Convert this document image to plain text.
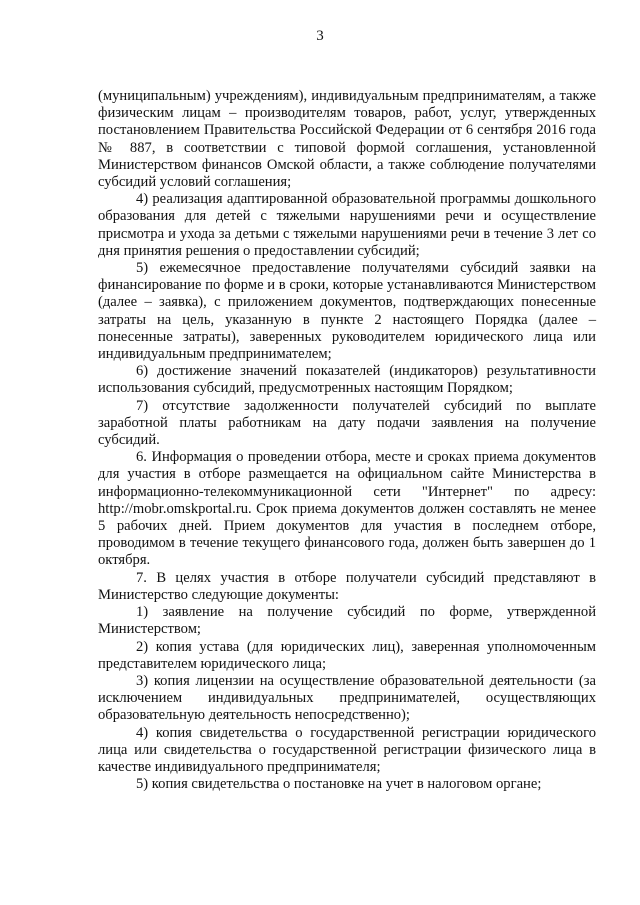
3

(муниципальным) учреждениям), индивидуальным предпринимателям, а также физическим лицам – производителям товаров, работ, услуг, утвержденных постановлением Правительства Российской Федерации от 6 сентября 2016 года № 887, в соответствии с типовой формой соглашения, установленной Министерством финансов Омской области, а также соблюдение получателями субсидий условий соглашения;

4) реализация адаптированной образовательной программы дошкольного образования для детей с тяжелыми нарушениями речи и осуществление присмотра и ухода за детьми с тяжелыми нарушениями речи в течение 3 лет со дня принятия решения о предоставлении субсидий;

5) ежемесячное предоставление получателями субсидий заявки на финансирование по форме и в сроки, которые устанавливаются Министерством (далее – заявка), с приложением документов, подтверждающих понесенные затраты на цель, указанную в пункте 2 настоящего Порядка (далее – понесенные затраты), заверенных руководителем юридического лица или индивидуальным предпринимателем;

6) достижение значений показателей (индикаторов) результативности использования субсидий, предусмотренных настоящим Порядком;

7) отсутствие задолженности получателей субсидий по выплате заработной платы работникам на дату подачи заявления на получение субсидий.

6. Информация о проведении отбора, месте и сроках приема документов для участия в отборе размещается на официальном сайте Министерства в информационно-телекоммуникационной сети "Интернет" по адресу: http://mobr.omskportal.ru. Срок приема документов должен составлять не менее 5 рабочих дней. Прием документов для участия в последнем отборе, проводимом в течение текущего финансового года, должен быть завершен до 1 октября.

7. В целях участия в отборе получатели субсидий представляют в Министерство следующие документы:

1) заявление на получение субсидий по форме, утвержденной Министерством;

2) копия устава (для юридических лиц), заверенная уполномоченным представителем юридического лица;

3) копия лицензии на осуществление образовательной деятельности (за исключением индивидуальных предпринимателей, осуществляющих образовательную деятельность непосредственно);

4) копия свидетельства о государственной регистрации юридического лица или свидетельства о государственной регистрации физического лица в качестве индивидуального предпринимателя;

5) копия свидетельства о постановке на учет в налоговом органе;
